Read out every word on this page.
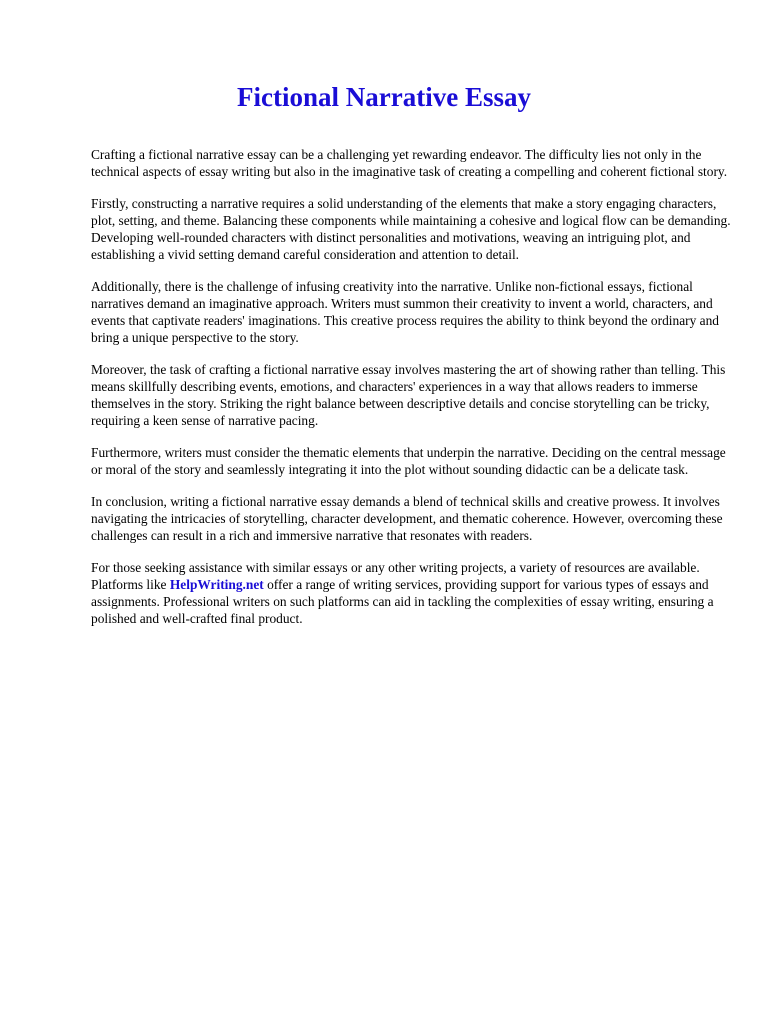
Fictional Narrative Essay

Crafting a fictional narrative essay can be a challenging yet rewarding endeavor. The difficulty lies not only in the technical aspects of essay writing but also in the imaginative task of creating a compelling and coherent fictional story.

Firstly, constructing a narrative requires a solid understanding of the elements that make a story engaging characters, plot, setting, and theme. Balancing these components while maintaining a cohesive and logical flow can be demanding. Developing well-rounded characters with distinct personalities and motivations, weaving an intriguing plot, and establishing a vivid setting demand careful consideration and attention to detail.

Additionally, there is the challenge of infusing creativity into the narrative. Unlike non-fictional essays, fictional narratives demand an imaginative approach. Writers must summon their creativity to invent a world, characters, and events that captivate readers' imaginations. This creative process requires the ability to think beyond the ordinary and bring a unique perspective to the story.

Moreover, the task of crafting a fictional narrative essay involves mastering the art of showing rather than telling. This means skillfully describing events, emotions, and characters' experiences in a way that allows readers to immerse themselves in the story. Striking the right balance between descriptive details and concise storytelling can be tricky, requiring a keen sense of narrative pacing.

Furthermore, writers must consider the thematic elements that underpin the narrative. Deciding on the central message or moral of the story and seamlessly integrating it into the plot without sounding didactic can be a delicate task.

In conclusion, writing a fictional narrative essay demands a blend of technical skills and creative prowess. It involves navigating the intricacies of storytelling, character development, and thematic coherence. However, overcoming these challenges can result in a rich and immersive narrative that resonates with readers.

For those seeking assistance with similar essays or any other writing projects, a variety of resources are available. Platforms like HelpWriting.net offer a range of writing services, providing support for various types of essays and assignments. Professional writers on such platforms can aid in tackling the complexities of essay writing, ensuring a polished and well-crafted final product.
